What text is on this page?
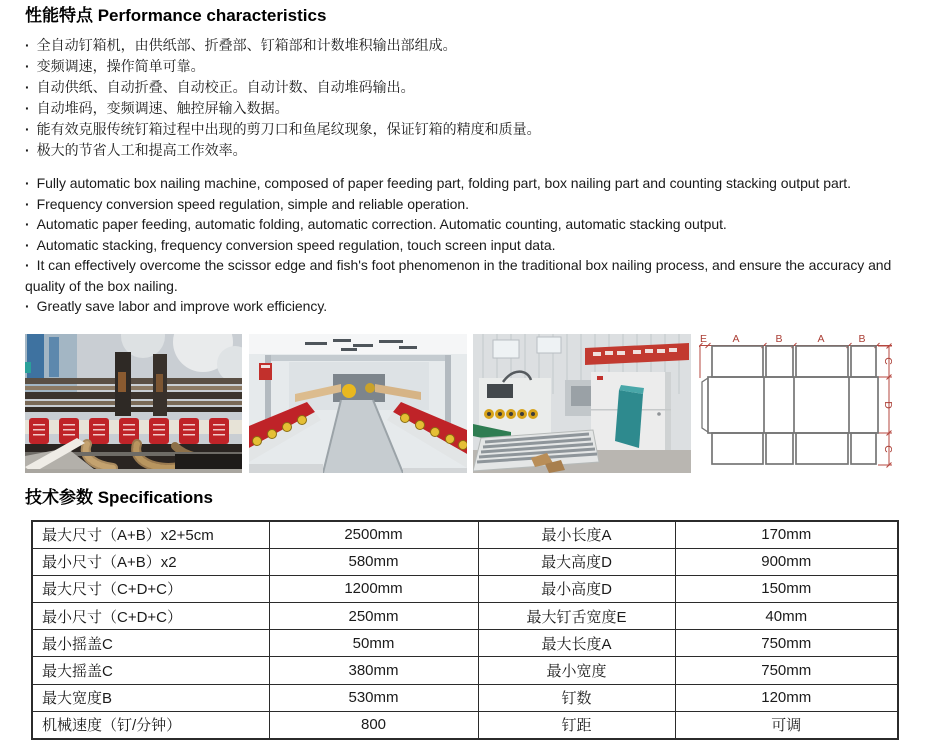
性能特点 Performance characteristics
· 全自动钉箱机，由供纸部、折叠部、钉箱部和计数堆积输出部组成。
· 变频调速，操作简单可靠。
· 自动供纸、自动折叠、自动校正。自动计数、自动堆码输出。
· 自动堆码，变频调速、触控屏输入数据。
· 能有效克服传统钉箱过程中出现的剪刀口和鱼尾纹现象，保证钉箱的精度和质量。
· 极大的节省人工和提高工作效率。
· Fully automatic box nailing machine, composed of paper feeding part, folding part, box nailing part and counting stacking output part.
· Frequency conversion speed regulation, simple and reliable operation.
· Automatic paper feeding, automatic folding, automatic correction. Automatic counting, automatic stacking output.
· Automatic stacking, frequency conversion speed regulation, touch screen input data.
· It can effectively overcome the scissor edge and fish's foot phenomenon in the traditional box nailing process, and ensure the accuracy and quality of the box nailing.
· Greatly save labor and improve work efficiency.
E A	B	A	B
C
D
C
技术参数 Specifications
最大尺寸（A+B）x2+5cm	2500mm	最小长度A	170mm
最小尺寸（A+B）x2	580mm	最大高度D	900mm
最大尺寸（C+D+C）	1200mm	最小高度D	150mm
最小尺寸（C+D+C）	250mm	最大钉舌宽度E	40mm
最小摇盖C	50mm	最大长度A	750mm
最大摇盖C	380mm	最小宽度	750mm
最大宽度B	530mm	钉数	120mm
机械速度（钉/分钟）	800	钉距	可调
